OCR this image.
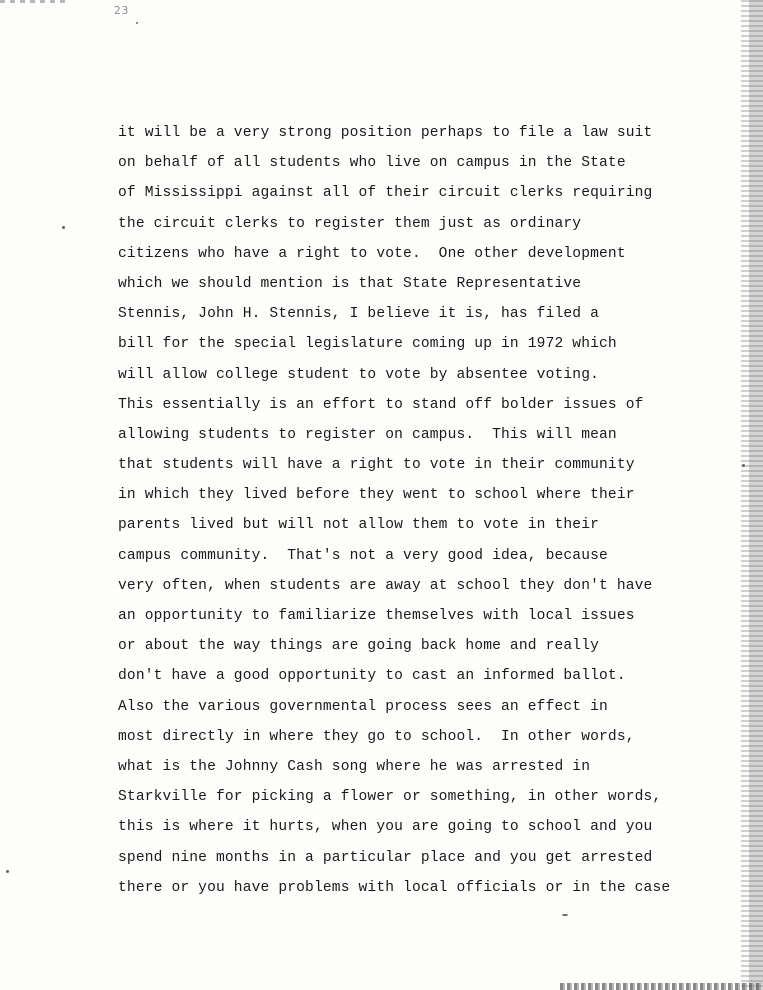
23
it will be a very strong position perhaps to file a law suit
on behalf of all students who live on campus in the State
of Mississippi against all of their circuit clerks requiring
the circuit clerks to register them just as ordinary
citizens who have a right to vote.  One other development
which we should mention is that State Representative
Stennis, John H. Stennis, I believe it is, has filed a
bill for the special legislature coming up in 1972 which
will allow college student to vote by absentee voting.
This essentially is an effort to stand off bolder issues of
allowing students to register on campus.  This will mean
that students will have a right to vote in their community
in which they lived before they went to school where their
parents lived but will not allow them to vote in their
campus community.  That's not a very good idea, because
very often, when students are away at school they don't have
an opportunity to familiarize themselves with local issues
or about the way things are going back home and really
don't have a good opportunity to cast an informed ballot.
Also the various governmental process sees an effect in
most directly in where they go to school.  In other words,
what is the Johnny Cash song where he was arrested in
Starkville for picking a flower or something, in other words,
this is where it hurts, when you are going to school and you
spend nine months in a particular place and you get arrested
there or you have problems with local officials or in the case
